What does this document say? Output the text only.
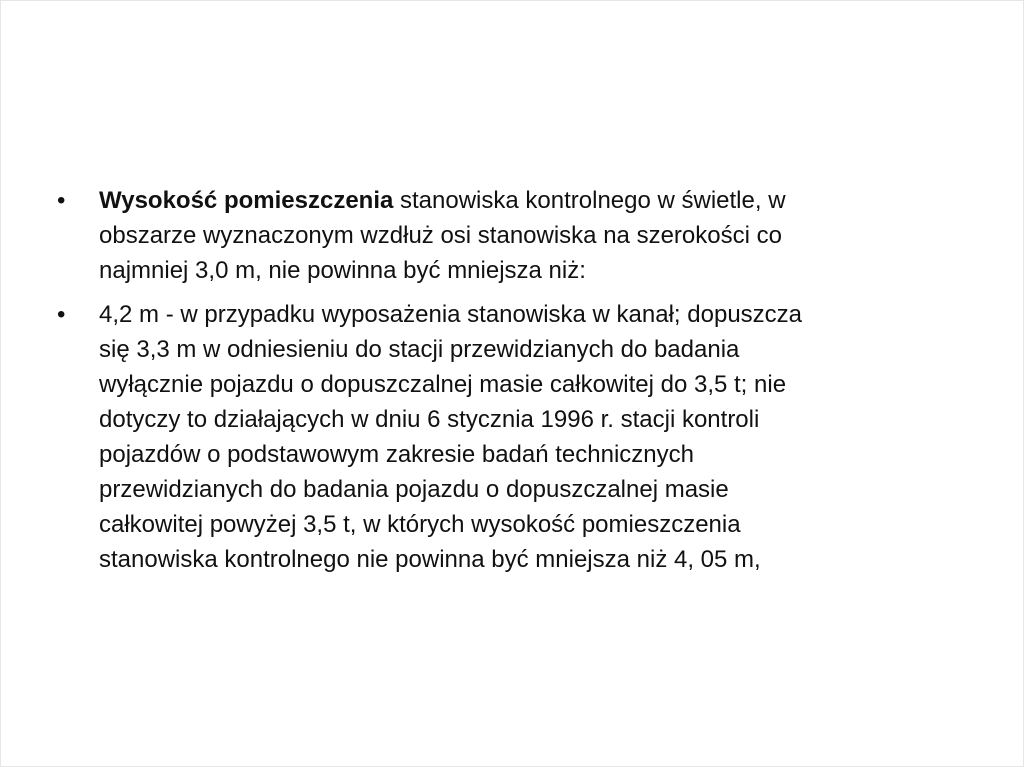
•	Wysokość pomieszczenia stanowiska kontrolnego w świetle, w
obszarze wyznaczonym wzdłuż osi stanowiska na szerokości co
najmniej 3,0 m, nie powinna być mniejsza niż:
•	4,2 m - w przypadku wyposażenia stanowiska w kanał; dopuszcza
się 3,3 m w odniesieniu do stacji przewidzianych do badania
wyłącznie pojazdu o dopuszczalnej masie całkowitej do 3,5 t; nie
dotyczy to działających w dniu 6 stycznia 1996 r. stacji kontroli
pojazdów o podstawowym zakresie badań technicznych
przewidzianych do badania pojazdu o dopuszczalnej masie
całkowitej powyżej 3,5 t, w których wysokość pomieszczenia
stanowiska kontrolnego nie powinna być mniejsza niż 4, 05 m,
